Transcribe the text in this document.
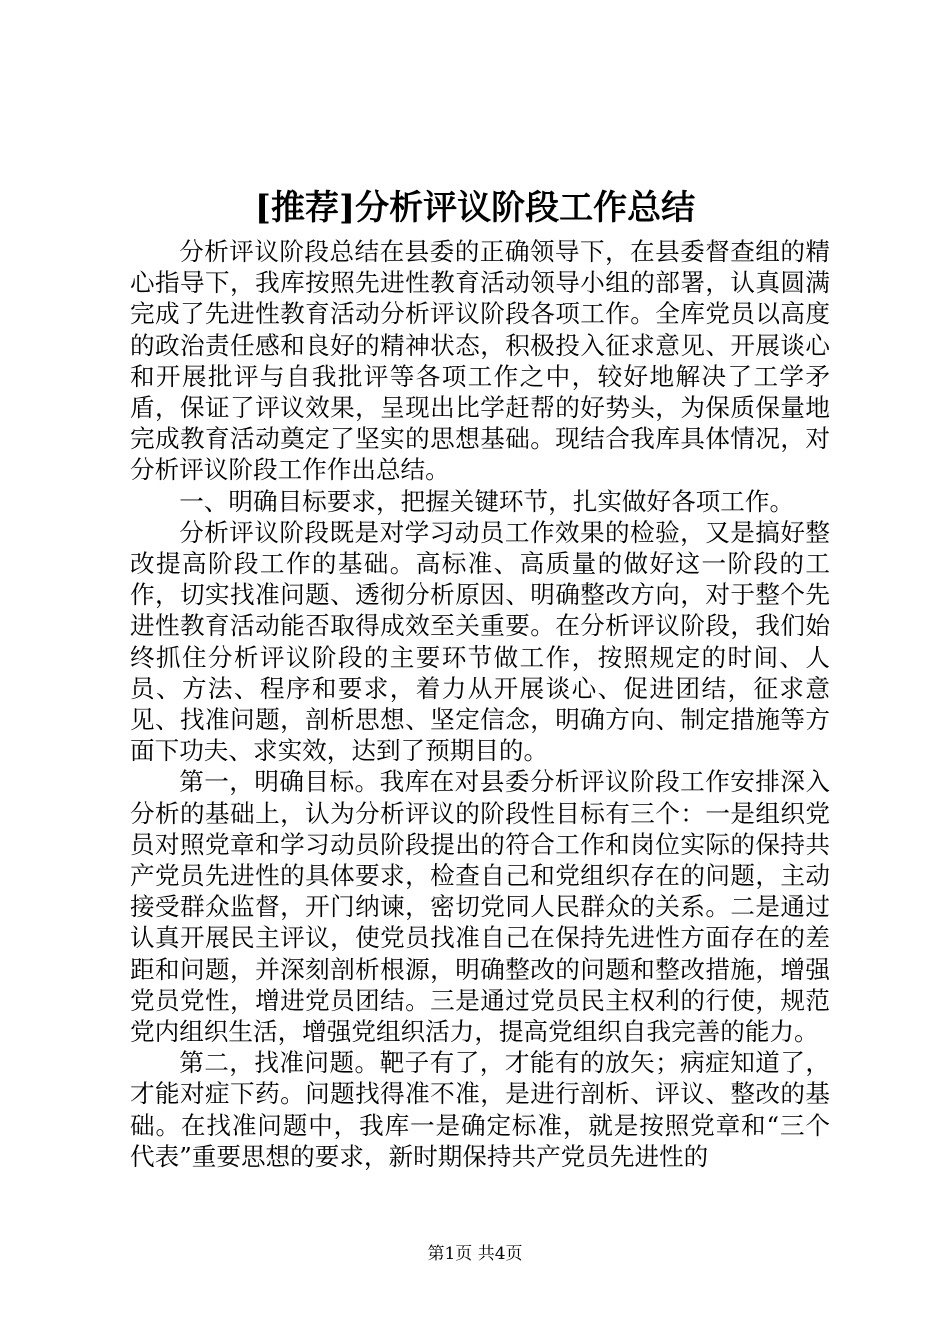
[推荐]分析评议阶段工作总结

分析评议阶段总结在县委的正确领导下，在县委督查组的精心指导下，我库按照先进性教育活动领导小组的部署，认真圆满完成了先进性教育活动分析评议阶段各项工作。全库党员以高度的政治责任感和良好的精神状态，积极投入征求意见、开展谈心和开展批评与自我批评等各项工作之中，较好地解决了工学矛盾，保证了评议效果，呈现出比学赶帮的好势头，为保质保量地完成教育活动奠定了坚实的思想基础。现结合我库具体情况，对分析评议阶段工作作出总结。

一、明确目标要求，把握关键环节，扎实做好各项工作。

分析评议阶段既是对学习动员工作效果的检验，又是搞好整改提高阶段工作的基础。高标准、高质量的做好这一阶段的工作，切实找准问题、透彻分析原因、明确整改方向，对于整个先进性教育活动能否取得成效至关重要。在分析评议阶段，我们始终抓住分析评议阶段的主要环节做工作，按照规定的时间、人员、方法、程序和要求，着力从开展谈心、促进团结，征求意见、找准问题，剖析思想、坚定信念，明确方向、制定措施等方面下功夫、求实效，达到了预期目的。

第一，明确目标。我库在对县委分析评议阶段工作安排深入分析的基础上，认为分析评议的阶段性目标有三个：一是组织党员对照党章和学习动员阶段提出的符合工作和岗位实际的保持共产党员先进性的具体要求，检查自己和党组织存在的问题，主动接受群众监督，开门纳谏，密切党同人民群众的关系。二是通过认真开展民主评议，使党员找准自己在保持先进性方面存在的差距和问题，并深刻剖析根源，明确整改的问题和整改措施，增强党员党性，增进党员团结。三是通过党员民主权利的行使，规范党内组织生活，增强党组织活力，提高党组织自我完善的能力。

第二，找准问题。靶子有了，才能有的放矢；病症知道了，才能对症下药。问题找得准不准，是进行剖析、评议、整改的基础。在找准问题中，我库一是确定标准，就是按照党章和“三个代表”重要思想的要求，新时期保持共产党员先进性的

第1页 共4页
